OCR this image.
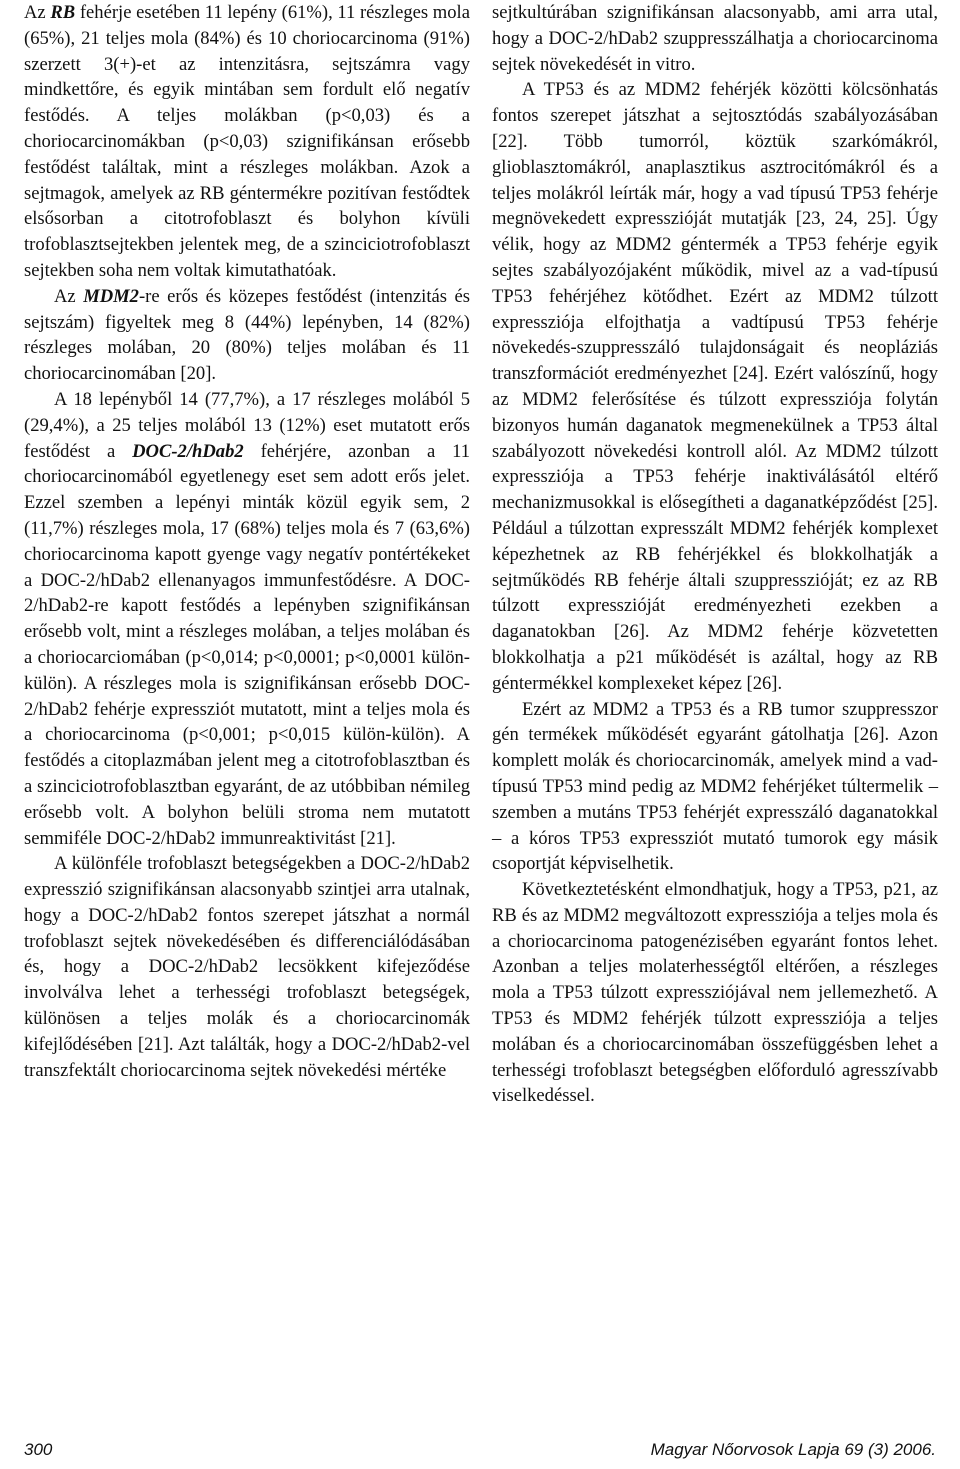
Az RB fehérje esetében 11 lepény (61%), 11 részleges mola (65%), 21 teljes mola (84%) és 10 choriocarcinoma (91%) szerzett 3(+)-et az intenzitásra, sejtszámra vagy mindkettőre, és egyik mintában sem fordult elő negatív festődés. A teljes molákban (p<0,03) és a choriocarcinomákban (p<0,03) szignifikánsan erősebb festődést találtak, mint a részleges molákban. Azok a sejtmagok, amelyek az RB géntermékre pozitívan festődtek elsősorban a citotrofoblaszt és bolyhon kívüli trofoblasztsejtekben jelentek meg, de a szinciciotrofoblaszt sejtekben soha nem voltak kimutathatóak.

Az MDM2-re erős és közepes festődést (intenzitás és sejtszám) figyeltek meg 8 (44%) lepényben, 14 (82%) részleges molában, 20 (80%) teljes molában és 11 choriocarcinomában [20].

A 18 lepényből 14 (77,7%), a 17 részleges molából 5 (29,4%), a 25 teljes molából 13 (12%) eset mutatott erős festődést a DOC-2/hDab2 fehérjére, azonban a 11 choriocarcinomából egyetlenegy eset sem adott erős jelet. Ezzel szemben a lepényi minták közül egyik sem, 2 (11,7%) részleges mola, 17 (68%) teljes mola és 7 (63,6%) choriocarcinoma kapott gyenge vagy negatív pontértékeket a DOC-2/hDab2 ellenanyagos immunfestődésre. A DOC-2/hDab2-re kapott festődés a lepényben szignifikánsan erősebb volt, mint a részleges molában, a teljes molában és a choriocarciomában (p<0,014; p<0,0001; p<0,0001 külön-külön). A részleges mola is szignifikánsan erősebb DOC-2/hDab2 fehérje expressziót mutatott, mint a teljes mola és a choriocarcinoma (p<0,001; p<0,015 külön-külön). A festődés a citoplazmában jelent meg a citotrofoblasztban és a szinciciotrofoblasztban egyaránt, de az utóbbiban némileg erősebb volt. A bolyhon belüli stroma nem mutatott semmiféle DOC-2/hDab2 immunreaktivitást [21].

A különféle trofoblaszt betegségekben a DOC-2/hDab2 expresszió szignifikánsan alacsonyabb szintjei arra utalnak, hogy a DOC-2/hDab2 fontos szerepet játszhat a normál trofoblaszt sejtek növekedésében és differenciálódásában és, hogy a DOC-2/hDab2 lecsökkent kifejeződése involválva lehet a terhességi trofoblaszt betegségek, különösen a teljes molák és a choriocarcinomák kifejlődésében [21]. Azt találták, hogy a DOC-2/hDab2-vel transzfektált choriocarcinoma sejtek növekedési mértéke

sejtkultúrában szignifikánsan alacsonyabb, ami arra utal, hogy a DOC-2/hDab2 szuppresszálhatja a choriocarcinoma sejtek növekedését in vitro.

A TP53 és az MDM2 fehérjék közötti kölcsönhatás fontos szerepet játszhat a sejtosztódás szabályozásában [22]. Több tumorról, köztük szarkómákról, glioblasztomákról, anaplasztikus asztrocitómákról és a teljes molákról leírták már, hogy a vad típusú TP53 fehérje megnövekedett expresszióját mutatják [23, 24, 25]. Úgy vélik, hogy az MDM2 géntermék a TP53 fehérje egyik sejtes szabályozójaként működik, mivel az a vad-típusú TP53 fehérjéhez kötődhet. Ezért az MDM2 túlzott expressziója elfojthatja a vadtípusú TP53 fehérje növekedés-szuppresszáló tulajdonságait és neopláziás transzformációt eredményezhet [24]. Ezért valószínű, hogy az MDM2 felerősítése és túlzott expressziója folytán bizonyos humán daganatok megmenekülnek a TP53 által szabályozott növekedési kontroll alól. Az MDM2 túlzott expressziója a TP53 fehérje inaktiválásától eltérő mechanizmusokkal is elősegítheti a daganatképződést [25]. Például a túlzottan expresszált MDM2 fehérjék komplexet képezhetnek az RB fehérjékkel és blokkolhatják a sejtműködés RB fehérje általi szuppresszióját; ez az RB túlzott expresszióját eredményezheti ezekben a daganatokban [26]. Az MDM2 fehérje közvetetten blokkolhatja a p21 működését is azáltal, hogy az RB géntermékkel komplexeket képez [26].

Ezért az MDM2 a TP53 és a RB tumor szuppresszor gén termékek működését egyaránt gátolhatja [26]. Azon komplett molák és choriocarcinomák, amelyek mind a vad-típusú TP53 mind pedig az MDM2 fehérjéket túltermelik – szemben a mutáns TP53 fehérjét expresszáló daganatokkal – a kóros TP53 expressziót mutató tumorok egy másik csoportját képviselhetik.

Következtetésként elmondhatjuk, hogy a TP53, p21, az RB és az MDM2 megváltozott expressziója a teljes mola és a choriocarcinoma patogenézisében egyaránt fontos lehet. Azonban a teljes molaterhességtől eltérően, a részleges mola a TP53 túlzott expressziójával nem jellemezhető. A TP53 és MDM2 fehérjék túlzott expressziója a teljes molában és a choriocarcinomában összefüggésben lehet a terhességi trofoblaszt betegségben előforduló agresszívabb viselkedéssel.

300	Magyar Nőorvosok Lapja 69 (3) 2006.
